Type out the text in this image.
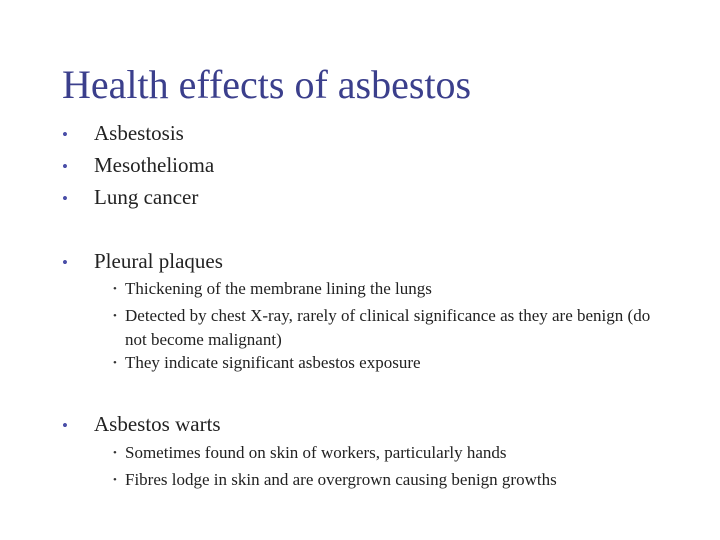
Health effects of asbestos
• Asbestosis
• Mesothelioma
• Lung cancer
• Pleural plaques
• Thickening of the membrane lining the lungs
• Detected by chest X-ray, rarely of clinical significance as they are benign (do not become malignant)
• They indicate significant asbestos exposure
• Asbestos warts
• Sometimes found on skin of workers, particularly hands
• Fibres lodge in skin and are overgrown causing benign growths
